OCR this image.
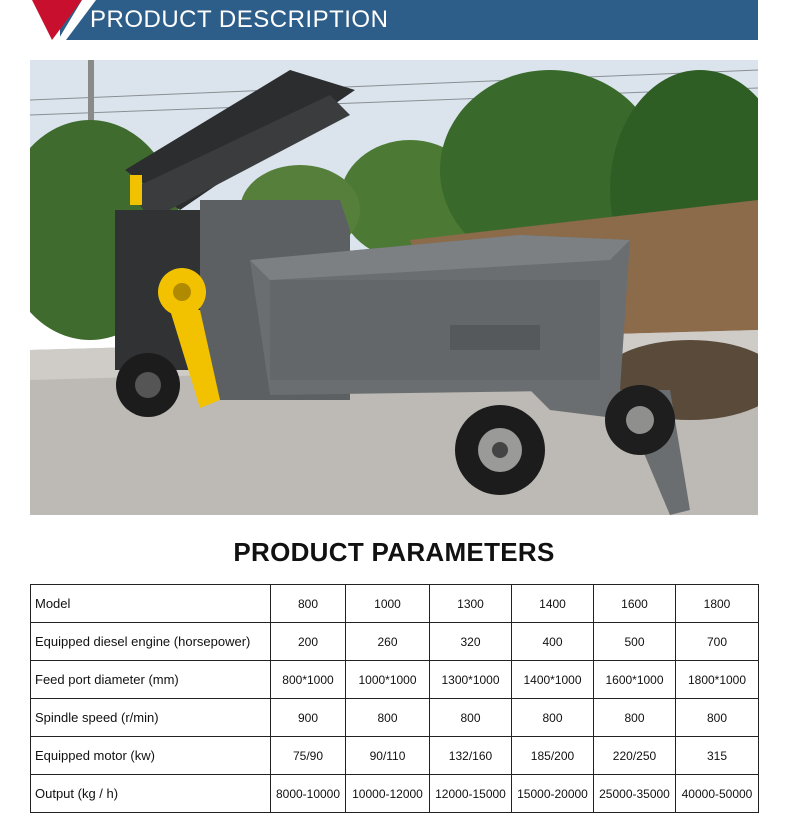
PRODUCT DESCRIPTION
PRODUCT PARAMETERS
Model	800	1000	1300	1400	1600	1800
Equipped diesel engine (horsepower)	200	260	320	400	500	700
Feed port diameter (mm)	800*1000	1000*1000	1300*1000	1400*1000	1600*1000	1800*1000
Spindle speed (r/min)	900	800	800	800	800	800
Equipped motor (kw)	75/90	90/110	132/160	185/200	220/250	315
Output (kg / h)	8000-10000	10000-12000	12000-15000	15000-20000	25000-35000	40000-50000
